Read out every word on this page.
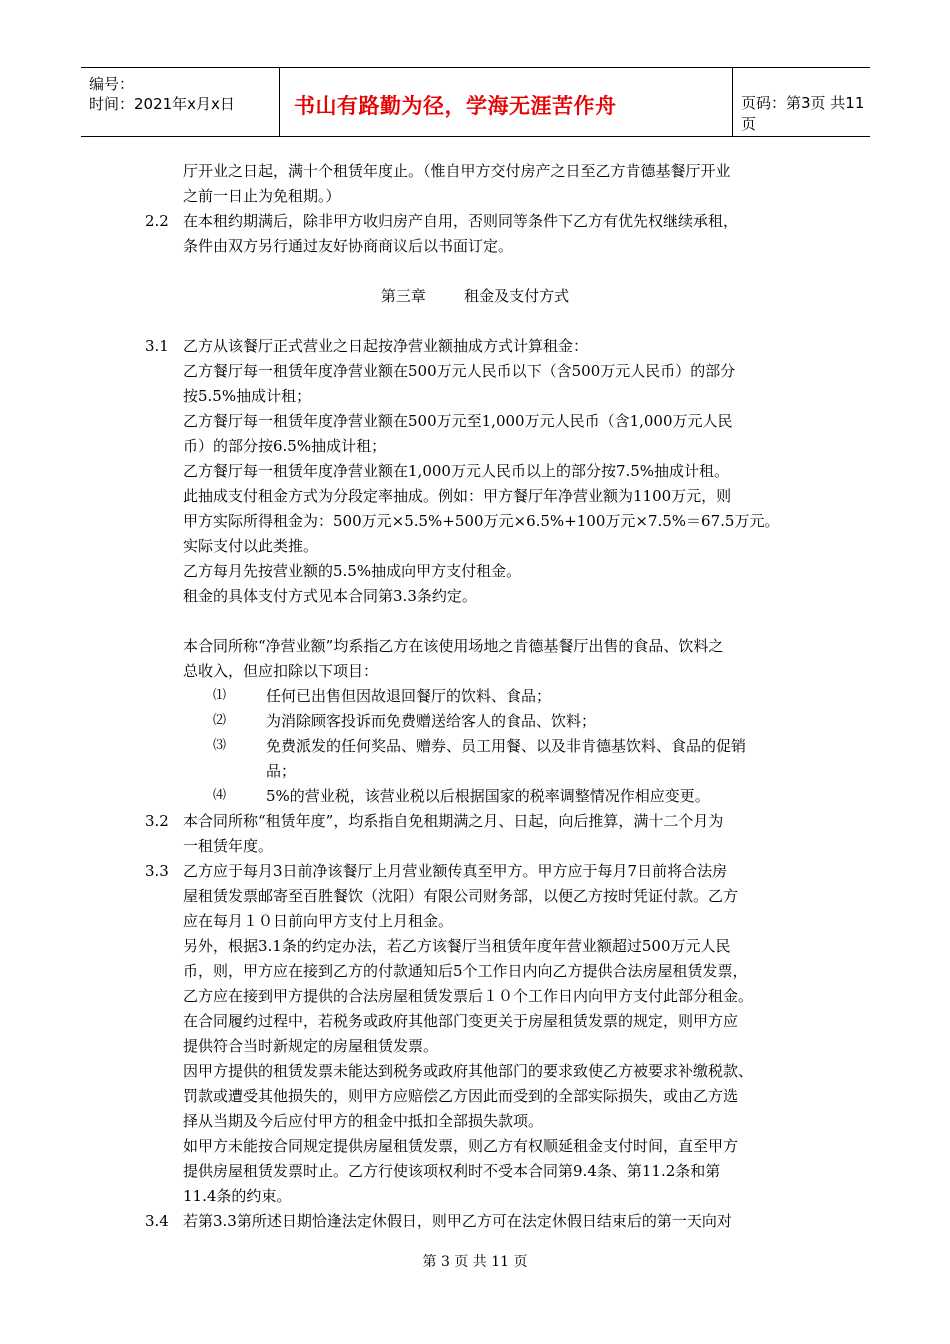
编号：
时间：2021年x月x日	书山有路勤为径，学海无涯苦作舟	页码：第3页 共11页
厅开业之日起，满十个租赁年度止。（惟自甲方交付房产之日至乙方肯德基餐厅开业
之前一日止为免租期。）
2.2 在本租约期满后，除非甲方收归房产自用，否则同等条件下乙方有优先权继续承租，
条件由双方另行通过友好协商商议后以书面订定。
第三章        租金及支付方式
3.1 乙方从该餐厅正式营业之日起按净营业额抽成方式计算租金：
乙方餐厅每一租赁年度净营业额在500万元人民币以下（含500万元人民币）的部分
按5.5%抽成计租；
乙方餐厅每一租赁年度净营业额在500万元至1,000万元人民币（含1,000万元人民
币）的部分按6.5%抽成计租；
乙方餐厅每一租赁年度净营业额在1,000万元人民币以上的部分按7.5%抽成计租。
此抽成支付租金方式为分段定率抽成。例如：甲方餐厅年净营业额为1100万元，则
甲方实际所得租金为：500万元×5.5%+500万元×6.5%+100万元×7.5%＝67.5万元。
实际支付以此类推。
乙方每月先按营业额的5.5%抽成向甲方支付租金。
租金的具体支付方式见本合同第3.3条约定。
本合同所称“净营业额”均系指乙方在该使用场地之肯德基餐厅出售的食品、饮料之
总收入，但应扣除以下项目：
⑴	任何已出售但因故退回餐厅的饮料、食品；
⑵	为消除顾客投诉而免费赠送给客人的食品、饮料；
⑶	免费派发的任何奖品、赠券、员工用餐、以及非肯德基饮料、食品的促销
品；
⑷	5%的营业税，该营业税以后根据国家的税率调整情况作相应变更。
3.2 本合同所称“租赁年度”，均系指自免租期满之月、日起，向后推算，满十二个月为
一租赁年度。
3.3 乙方应于每月3日前净该餐厅上月营业额传真至甲方。甲方应于每月7日前将合法房
屋租赁发票邮寄至百胜餐饮（沈阳）有限公司财务部，以便乙方按时凭证付款。乙方
应在每月１０日前向甲方支付上月租金。
另外，根据3.1条的约定办法，若乙方该餐厅当租赁年度年营业额超过500万元人民
币，则，甲方应在接到乙方的付款通知后5个工作日内向乙方提供合法房屋租赁发票，
乙方应在接到甲方提供的合法房屋租赁发票后１０个工作日内向甲方支付此部分租金。
在合同履约过程中，若税务或政府其他部门变更关于房屋租赁发票的规定，则甲方应
提供符合当时新规定的房屋租赁发票。
因甲方提供的租赁发票未能达到税务或政府其他部门的要求致使乙方被要求补缴税款、
罚款或遭受其他损失的，则甲方应赔偿乙方因此而受到的全部实际损失，或由乙方选
择从当期及今后应付甲方的租金中抵扣全部损失款项。
如甲方未能按合同规定提供房屋租赁发票，则乙方有权顺延租金支付时间，直至甲方
提供房屋租赁发票时止。乙方行使该项权利时不受本合同第9.4条、第11.2条和第
11.4条的约束。
3.4 若第3.3第所述日期恰逢法定休假日，则甲乙方可在法定休假日结束后的第一天向对
第 3 页 共 11 页
